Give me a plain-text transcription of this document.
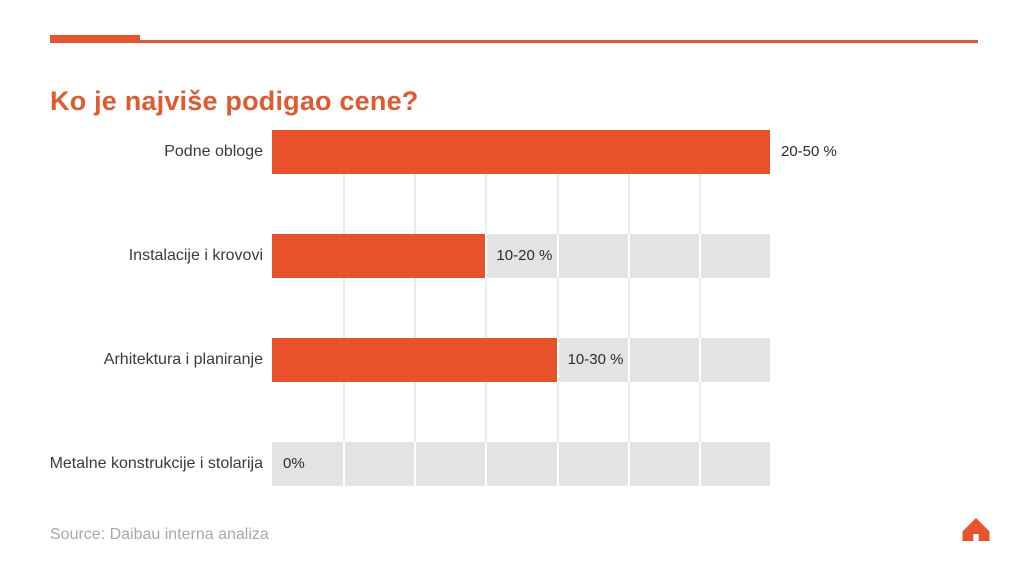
Ko je najviše podigao cene?
Podne obloge
Instalacije i krovovi
Arhitektura i planiranje
Metalne konstrukcije i stolarija
20-50 %
10-20 %
10-30 %
0%
Source: Daibau interna analiza
